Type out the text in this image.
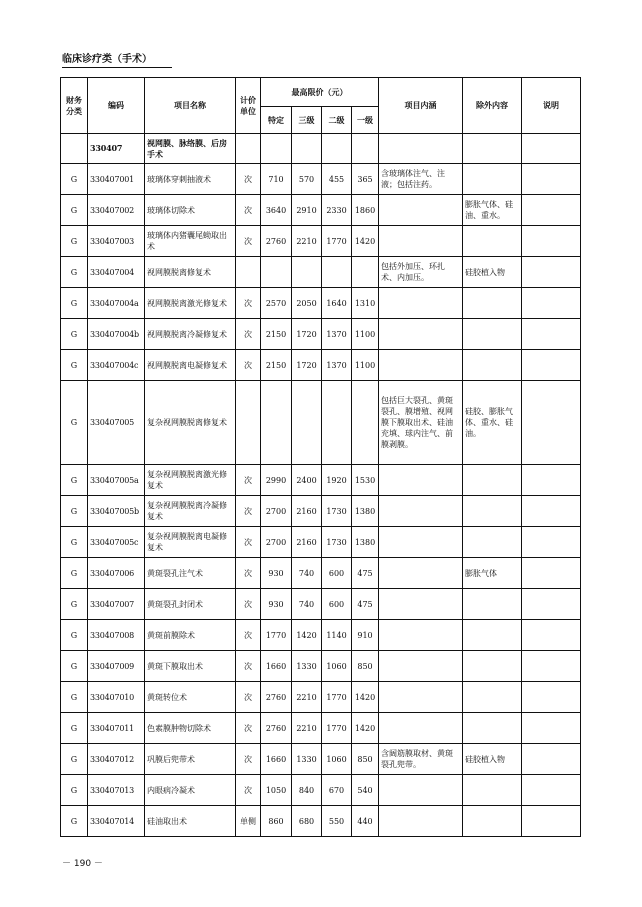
临床诊疗类（手术）
财务分类	编码	项目名称	计价单位	最高限价（元）				项目内涵	除外内容	说明
				特定	三级	二级	一级			
	330407	视网膜、脉络膜、后房手术								
G	330407001	玻璃体穿刺抽液术	次	710	570	455	365	含玻璃体注气、注液；包括注药。		
G	330407002	玻璃体切除术	次	3640	2910	2330	1860		膨胀气体、硅油、重水。	
G	330407003	玻璃体内猪囊尾蚴取出术	次	2760	2210	1770	1420			
G	330407004	视网膜脱离修复术						包括外加压、环扎术、内加压。	硅胶植入物	
G	330407004a	视网膜脱离激光修复术	次	2570	2050	1640	1310			
G	330407004b	视网膜脱离冷凝修复术	次	2150	1720	1370	1100			
G	330407004c	视网膜脱离电凝修复术	次	2150	1720	1370	1100			
G	330407005	复杂视网膜脱离修复术						包括巨大裂孔、黄斑裂孔、膜增殖、视网膜下膜取出术、硅油充填、球内注气、前膜剥膜。	硅胶、膨胀气体、重水、硅油。	
G	330407005a	复杂视网膜脱离激光修复术	次	2990	2400	1920	1530			
G	330407005b	复杂视网膜脱离冷凝修复术	次	2700	2160	1730	1380			
G	330407005c	复杂视网膜脱离电凝修复术	次	2700	2160	1730	1380			
G	330407006	黄斑裂孔注气术	次	930	740	600	475		膨胀气体	
G	330407007	黄斑裂孔封闭术	次	930	740	600	475			
G	330407008	黄斑前膜除术	次	1770	1420	1140	910			
G	330407009	黄斑下膜取出术	次	1660	1330	1060	850			
G	330407010	黄斑转位术	次	2760	2210	1770	1420			
G	330407011	色素膜肿物切除术	次	2760	2210	1770	1420			
G	330407012	巩膜后兜带术	次	1660	1330	1060	850	含阔筋膜取材、黄斑裂孔兜带。	硅胶植入物	
G	330407013	内眼病冷凝术	次	1050	840	670	540			
G	330407014	硅油取出术	单侧	860	680	550	440			
－ 190 －
